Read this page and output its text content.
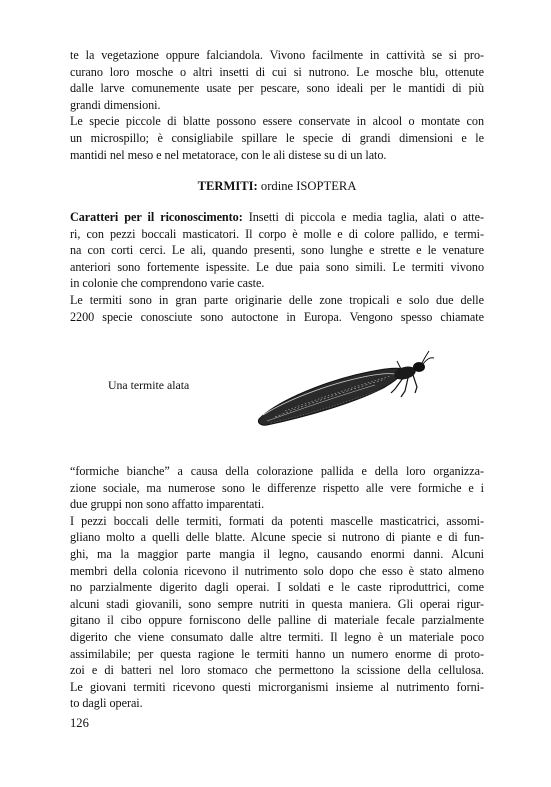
te la vegetazione oppure falciandola. Vivono facilmente in cattività se si pro-
curano loro mosche o altri insetti di cui si nutrono. Le mosche blu, ottenute
dalle larve comunemente usate per pescare, sono ideali per le mantidi di più
grandi dimensioni.
Le specie piccole di blatte possono essere conservate in alcool o montate con
un microspillo; è consigliabile spillare le specie di grandi dimensioni e le
mantidi nel meso e nel metatorace, con le ali distese su di un lato.
TERMITI: ordine ISOPTERA
Caratteri per il riconoscimento: Insetti di piccola e media taglia, alati o atte-
ri, con pezzi boccali masticatori. Il corpo è molle e di colore pallido, e termi-
na con corti cerci. Le ali, quando presenti, sono lunghe e strette e le venature
anteriori sono fortemente ispessite. Le due paia sono simili. Le termiti vivono
in colonie che comprendono varie caste.
Le termiti sono in gran parte originarie delle zone tropicali e solo due delle
2200 specie conosciute sono autoctone in Europa. Vengono spesso chiamate
Una termite alata
“formiche bianche” a causa della colorazione pallida e della loro organizza-
zione sociale, ma numerose sono le differenze rispetto alle vere formiche e i
due gruppi non sono affatto imparentati.
I pezzi boccali delle termiti, formati da potenti mascelle masticatrici, assomi-
gliano molto a quelli delle blatte. Alcune specie si nutrono di piante e di fun-
ghi, ma la maggior parte mangia il legno, causando enormi danni. Alcuni
membri della colonia ricevono il nutrimento solo dopo che esso è stato almeno
no parzialmente digerito dagli operai. I soldati e le caste riproduttrici, come
alcuni stadi giovanili, sono sempre nutriti in questa maniera. Gli operai rigur-
gitano il cibo oppure forniscono delle palline di materiale fecale parzialmente
digerito che viene consumato dalle altre termiti. Il legno è un materiale poco
assimilabile; per questa ragione le termiti hanno un numero enorme di proto-
zoi e di batteri nel loro stomaco che permettono la scissione della cellulosa.
Le giovani termiti ricevono questi microrganismi insieme al nutrimento forni-
to dagli operai.
126
